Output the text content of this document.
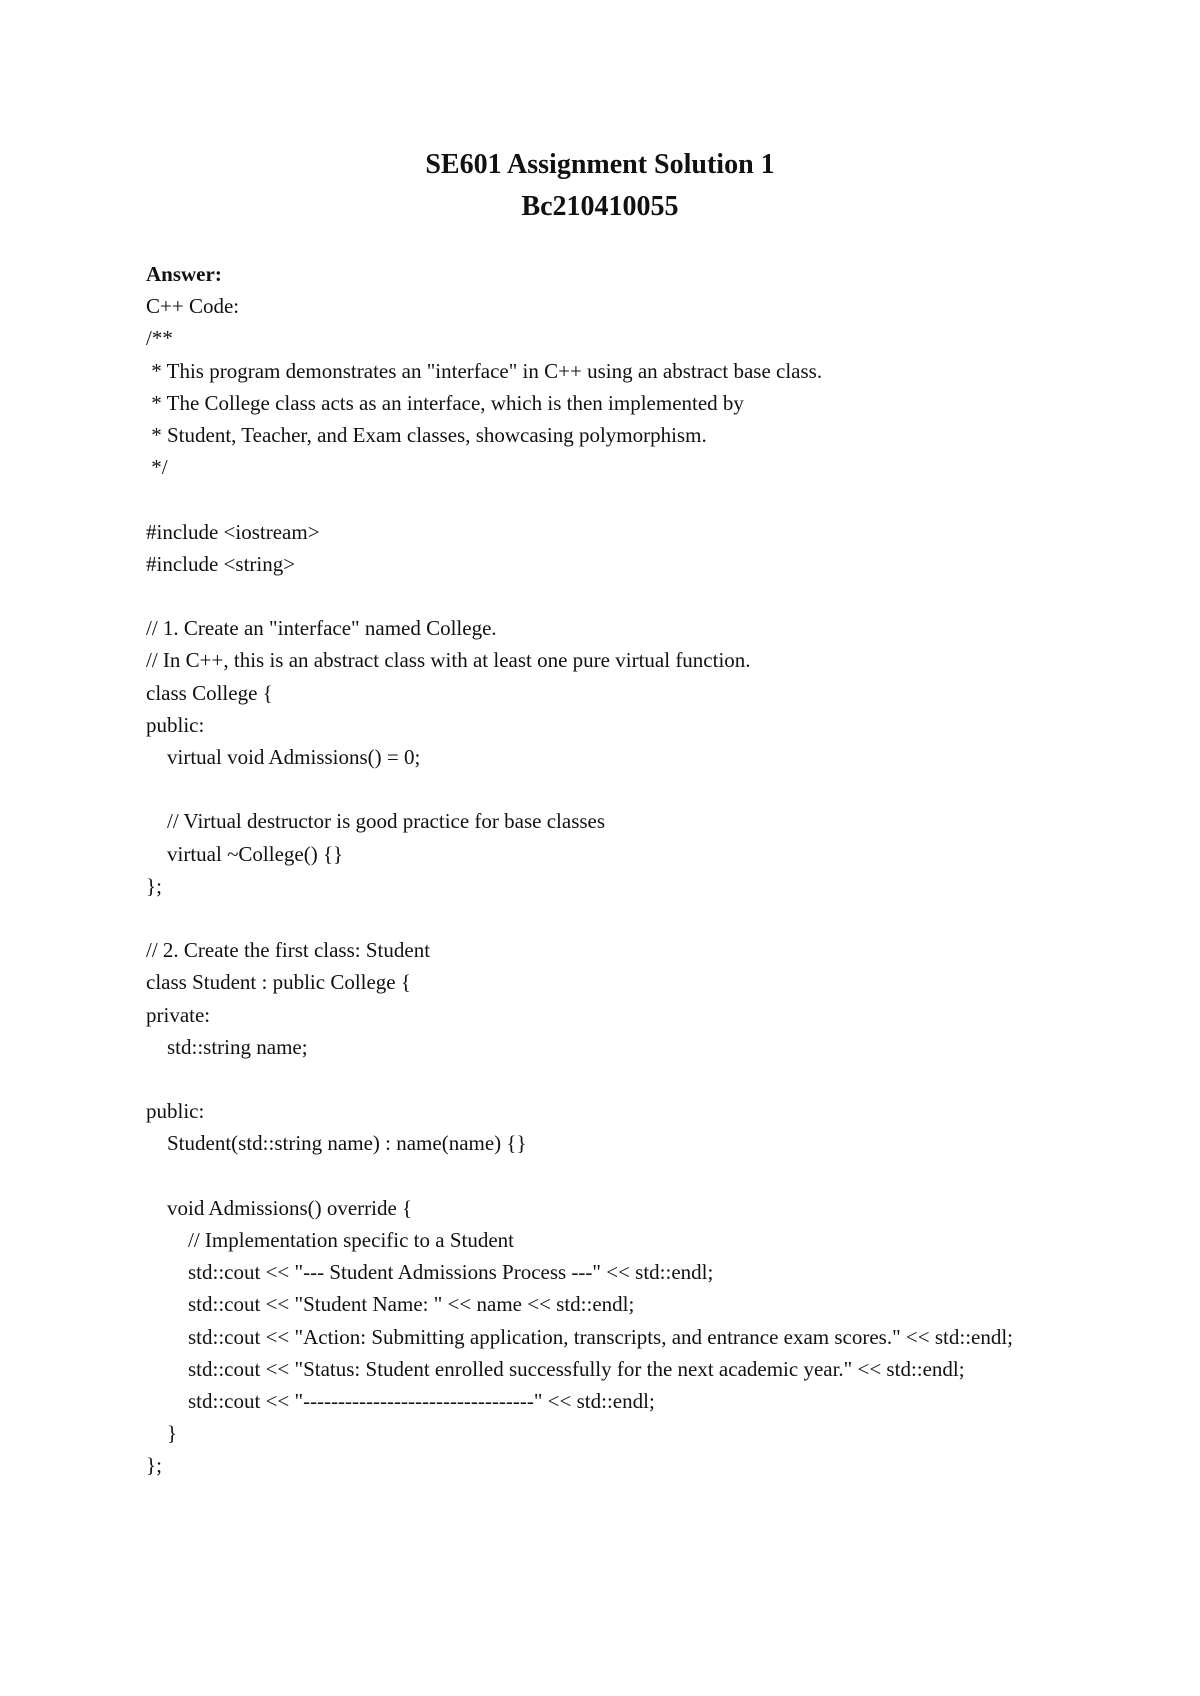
SE601 Assignment Solution 1
Bc210410055
Answer:
C++ Code:
/**
* This program demonstrates an "interface" in C++ using an abstract base class.
* The College class acts as an interface, which is then implemented by
* Student, Teacher, and Exam classes, showcasing polymorphism.
*/
#include <iostream>
#include <string>
// 1. Create an "interface" named College.
// In C++, this is an abstract class with at least one pure virtual function.
class College {
public:
virtual void Admissions() = 0;
// Virtual destructor is good practice for base classes
virtual ~College() {}
};
// 2. Create the first class: Student
class Student : public College {
private:
std::string name;
public:
Student(std::string name) : name(name) {}
void Admissions() override {
// Implementation specific to a Student
std::cout << "--- Student Admissions Process ---" << std::endl;
std::cout << "Student Name: " << name << std::endl;
std::cout << "Action: Submitting application, transcripts, and entrance exam scores." << std::endl;
std::cout << "Status: Student enrolled successfully for the next academic year." << std::endl;
std::cout << "---------------------------------" << std::endl;
}
};
